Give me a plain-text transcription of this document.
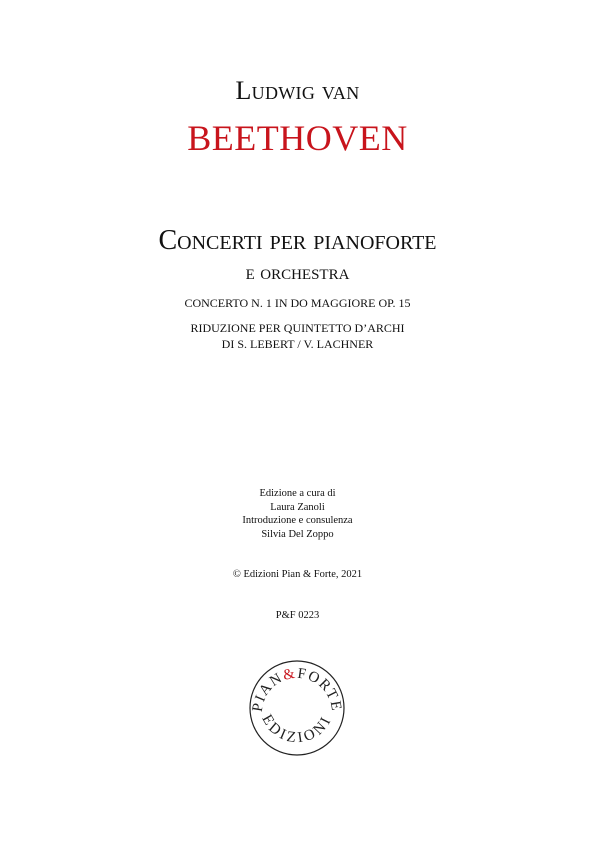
Ludwig van

BEETHOVEN

Concerti per pianoforte

e orchestra

CONCERTO N. 1 IN DO MAGGIORE OP. 15

RIDUZIONE PER QUINTETTO D’ARCHI

DI S. LEBERT / V. LACHNER

Edizione a cura di

Laura Zanoli

Introduzione e consulenza

Silvia Del Zoppo

© Edizioni Pian & Forte, 2021

P&F 0223

PIAN&FORTE
EDIZIONI
